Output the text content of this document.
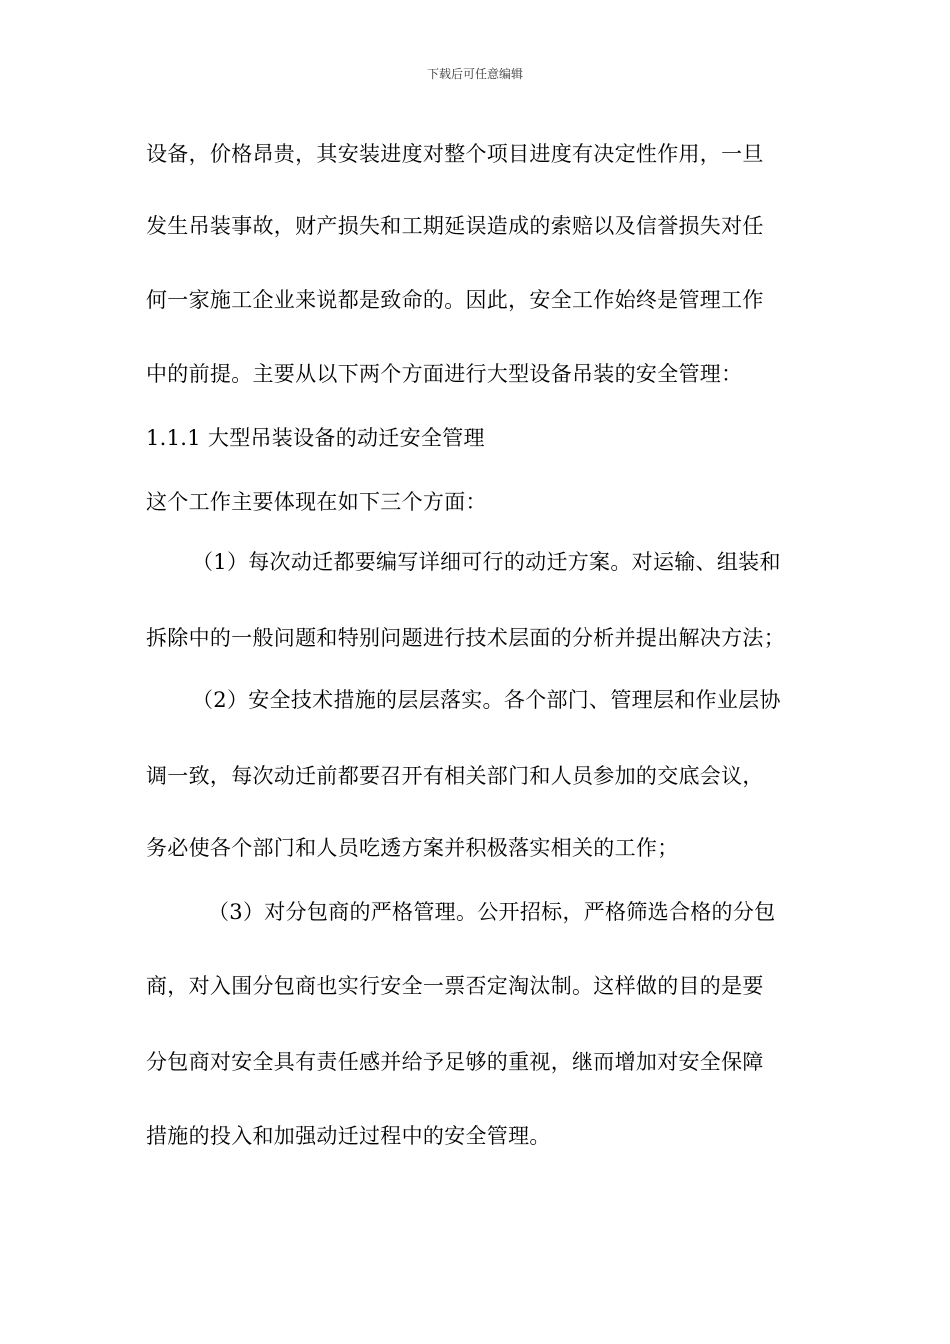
下载后可任意编辑
设备，价格昂贵，其安装进度对整个项目进度有决定性作用，一旦
发生吊装事故，财产损失和工期延误造成的索赔以及信誉损失对任
何一家施工企业来说都是致命的。因此，安全工作始终是管理工作
中的前提。主要从以下两个方面进行大型设备吊装的安全管理：
1.1.1 大型吊装设备的动迁安全管理
这个工作主要体现在如下三个方面：
（1）每次动迁都要编写详细可行的动迁方案。对运输、组装和
拆除中的一般问题和特别问题进行技术层面的分析并提出解决方法；
（2）安全技术措施的层层落实。各个部门、管理层和作业层协
调一致，每次动迁前都要召开有相关部门和人员参加的交底会议，
务必使各个部门和人员吃透方案并积极落实相关的工作；
（3）对分包商的严格管理。公开招标，严格筛选合格的分包
商，对入围分包商也实行安全一票否定淘汰制。这样做的目的是要
分包商对安全具有责任感并给予足够的重视，继而增加对安全保障
措施的投入和加强动迁过程中的安全管理。
